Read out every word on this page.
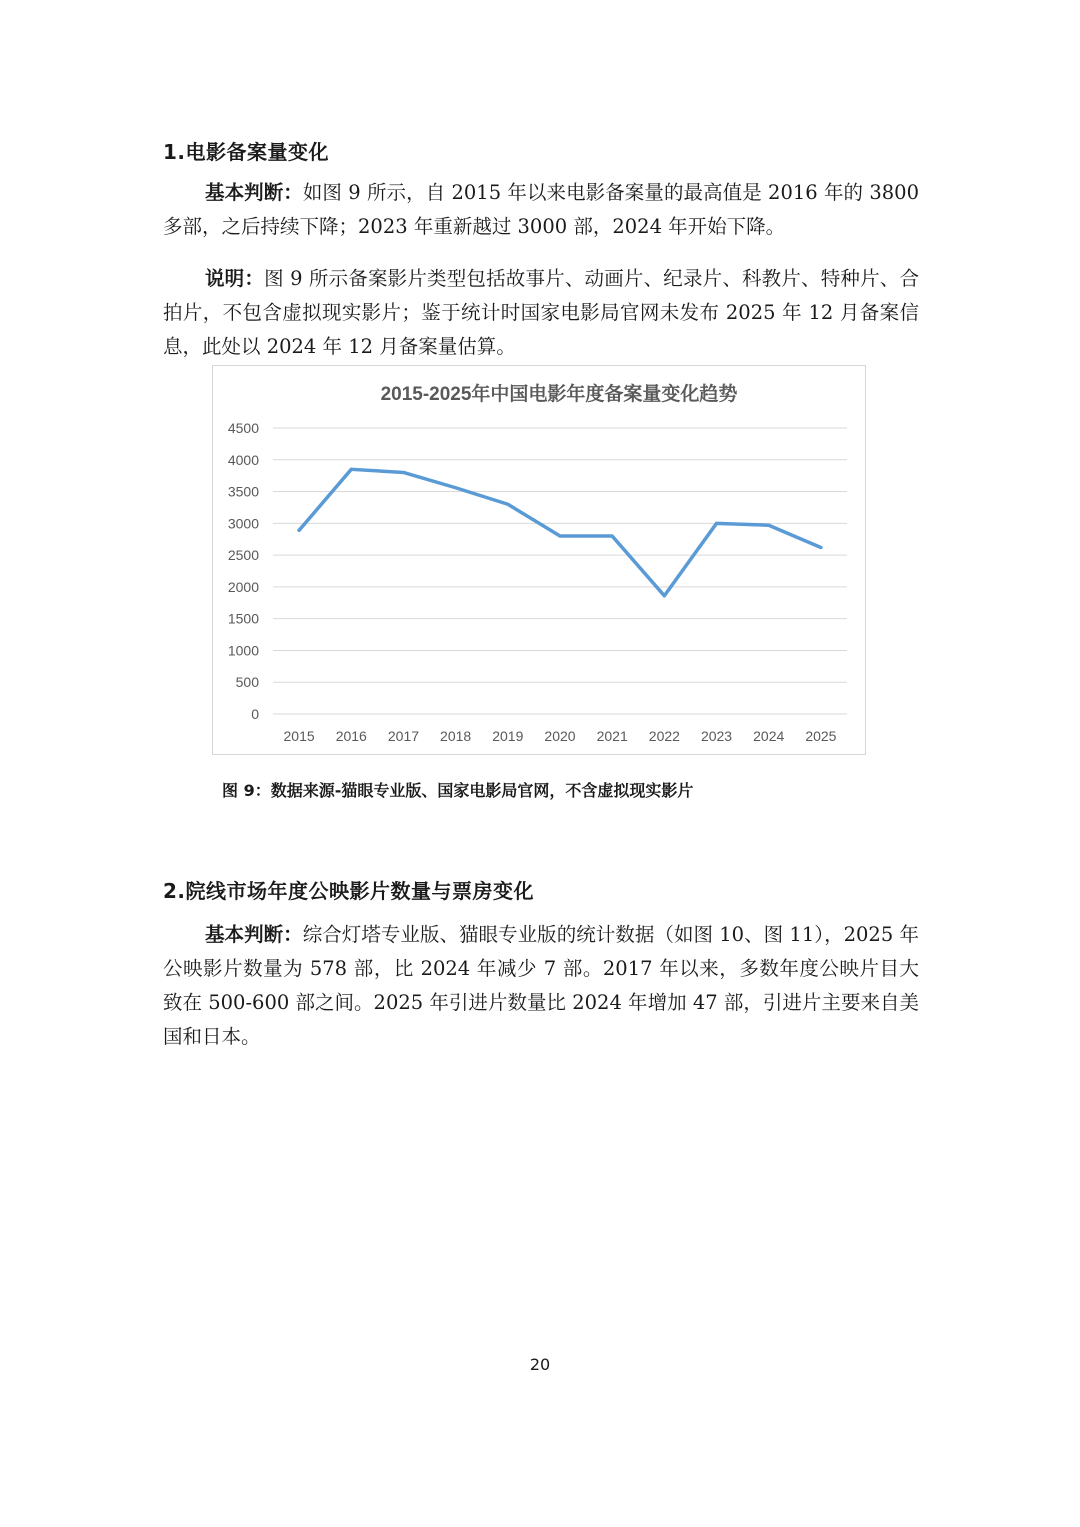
1.电影备案量变化

基本判断：如图 9 所示，自 2015 年以来电影备案量的最高值是 2016 年的 3800 多部，之后持续下降；2023 年重新越过 3000 部，2024 年开始下降。

说明：图 9 所示备案影片类型包括故事片、动画片、纪录片、科教片、特种片、合拍片，不包含虚拟现实影片；鉴于统计时国家电影局官网未发布 2025 年 12 月备案信息，此处以 2024 年 12 月备案量估算。

2015-2025年中国电影年度备案量变化趋势
0
500
1000
1500
2000
2500
3000
3500
4000
4500
2015 2016 2017 2018 2019 2020 2021 2022 2023 2024 2025
图 9：数据来源-猫眼专业版、国家电影局官网，不含虚拟现实影片
2.院线市场年度公映影片数量与票房变化

基本判断：综合灯塔专业版、猫眼专业版的统计数据（如图 10、图 11），2025 年公映影片数量为 578 部，比 2024 年减少 7 部。2017 年以来，多数年度公映片目大致在 500-600 部之间。2025 年引进片数量比 2024 年增加 47 部，引进片主要来自美国和日本。

20
